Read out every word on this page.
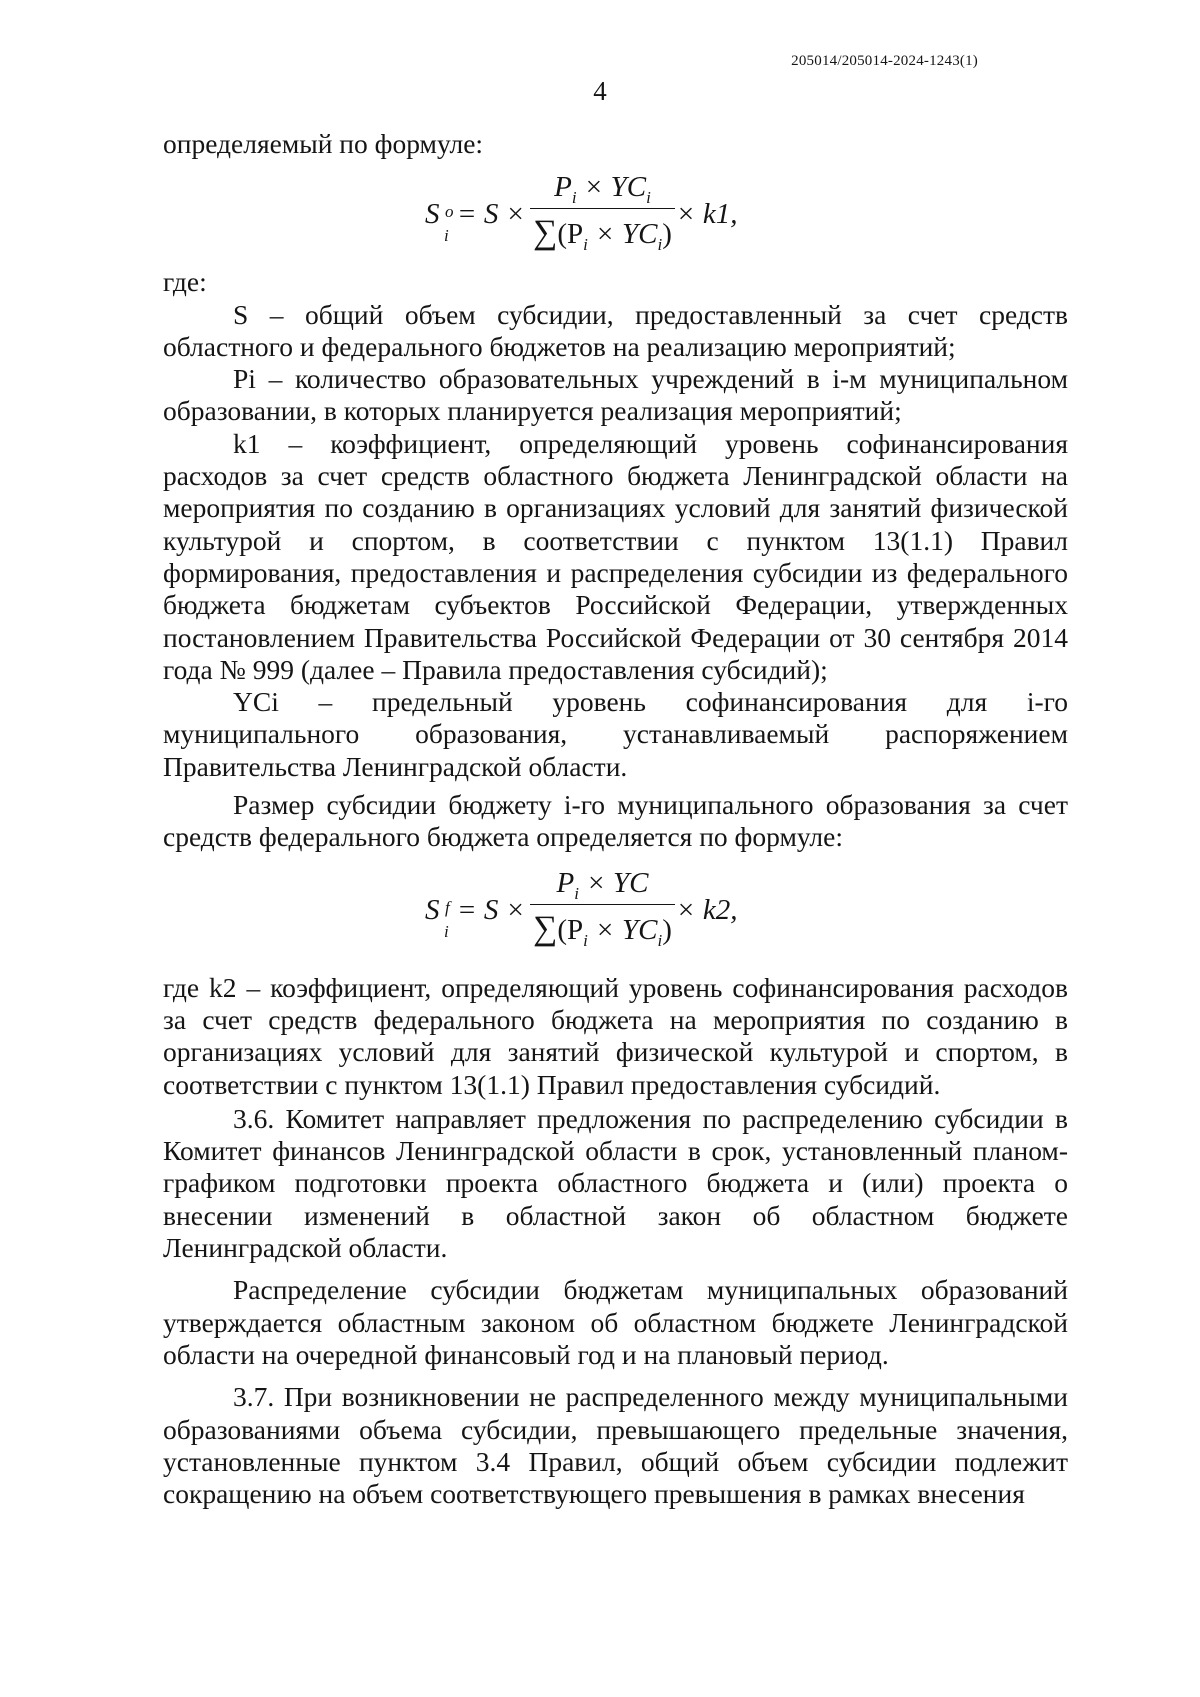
205014/205014-2024-1243(1)
4

определяемый по формуле:

S o
i
= S ×
$P_i \times YC_i$
$\sum(P_i \times YC_i)$
× k1,

где:

S – общий объем субсидии, предоставленный за счет средств областного и федерального бюджетов на реализацию мероприятий;

Pi – количество образовательных учреждений в i-м муниципальном образовании, в которых планируется реализация мероприятий;

k1 – коэффициент, определяющий уровень софинансирования расходов за счет средств областного бюджета Ленинградской области на мероприятия по созданию в организациях условий для занятий физической культурой и спортом, в соответствии с пунктом 13(1.1) Правил формирования, предоставления и распределения субсидии из федерального бюджета бюджетам субъектов Российской Федерации, утвержденных постановлением Правительства Российской Федерации от 30 сентября 2014 года № 999 (далее – Правила предоставления субсидий);

YCi – предельный уровень софинансирования для i-го муниципального образования, устанавливаемый распоряжением Правительства Ленинградской области.

Размер субсидии бюджету i-го муниципального образования за счет средств федерального бюджета определяется по формуле:

S f
i
= S ×
$P_i$ × YC
$\sum(P_i \times YC_i)$
× k2,

где k2 – коэффициент, определяющий уровень софинансирования расходов за счет средств федерального бюджета на мероприятия по созданию в организациях условий для занятий физической культурой и спортом, в соответствии с пунктом 13(1.1) Правил предоставления субсидий.

3.6. Комитет направляет предложения по распределению субсидии в Комитет финансов Ленинградской области в срок, установленный планом-графиком подготовки проекта областного бюджета и (или) проекта о внесении изменений в областной закон об областном бюджете Ленинградской области.

Распределение субсидии бюджетам муниципальных образований утверждается областным законом об областном бюджете Ленинградской области на очередной финансовый год и на плановый период.

3.7. При возникновении не распределенного между муниципальными образованиями объема субсидии, превышающего предельные значения, установленные пунктом 3.4 Правил, общий объем субсидии подлежит сокращению на объем соответствующего превышения в рамках внесения
